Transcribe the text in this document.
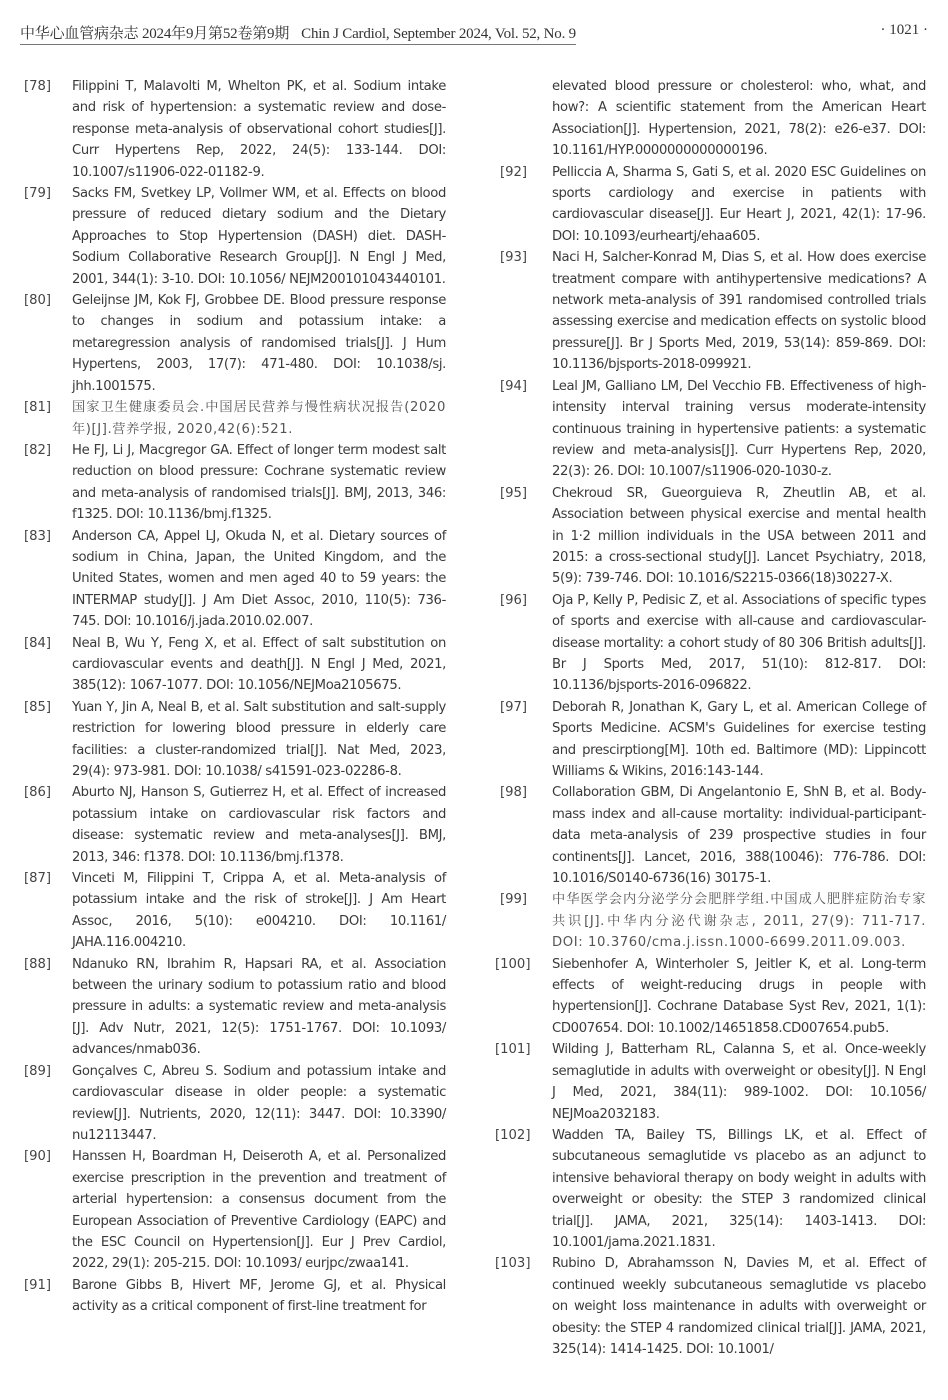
中华心血管病杂志 2024年9月第52卷第9期 Chin J Cardiol, September 2024, Vol. 52, No. 9	· 1021 ·
[78] Filippini T, Malavolti M, Whelton PK, et al. Sodium intake and risk of hypertension: a systematic review and dose-response meta-analysis of observational cohort studies[J]. Curr Hypertens Rep, 2022, 24(5): 133-144. DOI: 10.1007/s11906-022-01182-9.
[79] Sacks FM, Svetkey LP, Vollmer WM, et al. Effects on blood pressure of reduced dietary sodium and the Dietary Approaches to Stop Hypertension (DASH) diet. DASH-Sodium Collaborative Research Group[J]. N Engl J Med, 2001, 344(1): 3-10. DOI: 10.1056/ NEJM200101043440101.
[80] Geleijnse JM, Kok FJ, Grobbee DE. Blood pressure response to changes in sodium and potassium intake: a metaregression analysis of randomised trials[J]. J Hum Hypertens, 2003, 17(7): 471-480. DOI: 10.1038/sj. jhh.1001575.
[81] 国家卫生健康委员会.中国居民营养与慢性病状况报告(2020年)[J].营养学报, 2020,42(6):521.
[82] He FJ, Li J, Macgregor GA. Effect of longer term modest salt reduction on blood pressure: Cochrane systematic review and meta-analysis of randomised trials[J]. BMJ, 2013, 346: f1325. DOI: 10.1136/bmj.f1325.
[83] Anderson CA, Appel LJ, Okuda N, et al. Dietary sources of sodium in China, Japan, the United Kingdom, and the United States, women and men aged 40 to 59 years: the INTERMAP study[J]. J Am Diet Assoc, 2010, 110(5): 736-745. DOI: 10.1016/j.jada.2010.02.007.
[84] Neal B, Wu Y, Feng X, et al. Effect of salt substitution on cardiovascular events and death[J]. N Engl J Med, 2021, 385(12): 1067-1077. DOI: 10.1056/NEJMoa2105675.
[85] Yuan Y, Jin A, Neal B, et al. Salt substitution and salt-supply restriction for lowering blood pressure in elderly care facilities: a cluster-randomized trial[J]. Nat Med, 2023, 29(4): 973-981. DOI: 10.1038/ s41591-023-02286-8.
[86] Aburto NJ, Hanson S, Gutierrez H, et al. Effect of increased potassium intake on cardiovascular risk factors and disease: systematic review and meta-analyses[J]. BMJ, 2013, 346: f1378. DOI: 10.1136/bmj.f1378.
[87] Vinceti M, Filippini T, Crippa A, et al. Meta-analysis of potassium intake and the risk of stroke[J]. J Am Heart Assoc, 2016, 5(10): e004210. DOI: 10.1161/ JAHA.116.004210.
[88] Ndanuko RN, Ibrahim R, Hapsari RA, et al. Association between the urinary sodium to potassium ratio and blood pressure in adults: a systematic review and meta-analysis [J]. Adv Nutr, 2021, 12(5): 1751-1767. DOI: 10.1093/ advances/nmab036.
[89] Gonçalves C, Abreu S. Sodium and potassium intake and cardiovascular disease in older people: a systematic review[J]. Nutrients, 2020, 12(11): 3447. DOI: 10.3390/ nu12113447.
[90] Hanssen H, Boardman H, Deiseroth A, et al. Personalized exercise prescription in the prevention and treatment of arterial hypertension: a consensus document from the European Association of Preventive Cardiology (EAPC) and the ESC Council on Hypertension[J]. Eur J Prev Cardiol, 2022, 29(1): 205-215. DOI: 10.1093/ eurjpc/zwaa141.
[91] Barone Gibbs B, Hivert MF, Jerome GJ, et al. Physical activity as a critical component of first-line treatment for
elevated blood pressure or cholesterol: who, what, and how?: A scientific statement from the American Heart Association[J]. Hypertension, 2021, 78(2): e26-e37. DOI: 10.1161/HYP.0000000000000196.
[92] Pelliccia A, Sharma S, Gati S, et al. 2020 ESC Guidelines on sports cardiology and exercise in patients with cardiovascular disease[J]. Eur Heart J, 2021, 42(1): 17-96. DOI: 10.1093/eurheartj/ehaa605.
[93] Naci H, Salcher-Konrad M, Dias S, et al. How does exercise treatment compare with antihypertensive medications? A network meta-analysis of 391 randomised controlled trials assessing exercise and medication effects on systolic blood pressure[J]. Br J Sports Med, 2019, 53(14): 859-869. DOI: 10.1136/bjsports-2018-099921.
[94] Leal JM, Galliano LM, Del Vecchio FB. Effectiveness of high-intensity interval training versus moderate-intensity continuous training in hypertensive patients: a systematic review and meta-analysis[J]. Curr Hypertens Rep, 2020, 22(3): 26. DOI: 10.1007/s11906-020-1030-z.
[95] Chekroud SR, Gueorguieva R, Zheutlin AB, et al. Association between physical exercise and mental health in 1·2 million individuals in the USA between 2011 and 2015: a cross-sectional study[J]. Lancet Psychiatry, 2018, 5(9): 739-746. DOI: 10.1016/S2215-0366(18)30227-X.
[96] Oja P, Kelly P, Pedisic Z, et al. Associations of specific types of sports and exercise with all-cause and cardiovascular-disease mortality: a cohort study of 80 306 British adults[J]. Br J Sports Med, 2017, 51(10): 812-817. DOI: 10.1136/bjsports-2016-096822.
[97] Deborah R, Jonathan K, Gary L, et al. American College of Sports Medicine. ACSM's Guidelines for exercise testing and prescirptiong[M]. 10th ed. Baltimore (MD): Lippincott Williams & Wikins, 2016:143-144.
[98] Collaboration GBM, Di Angelantonio E, ShN B, et al. Body-mass index and all-cause mortality: individual-participant-data meta-analysis of 239 prospective studies in four continents[J]. Lancet, 2016, 388(10046): 776-786. DOI: 10.1016/S0140-6736(16) 30175-1.
[99] 中华医学会内分泌学分会肥胖学组.中国成人肥胖症防治专家共识[J].中华内分泌代谢杂志, 2011, 27(9): 711-717. DOI: 10.3760/cma.j.issn.1000-6699.2011.09.003.
[100] Siebenhofer A, Winterholer S, Jeitler K, et al. Long-term effects of weight-reducing drugs in people with hypertension[J]. Cochrane Database Syst Rev, 2021, 1(1): CD007654. DOI: 10.1002/14651858.CD007654.pub5.
[101] Wilding J, Batterham RL, Calanna S, et al. Once-weekly semaglutide in adults with overweight or obesity[J]. N Engl J Med, 2021, 384(11): 989-1002. DOI: 10.1056/ NEJMoa2032183.
[102] Wadden TA, Bailey TS, Billings LK, et al. Effect of subcutaneous semaglutide vs placebo as an adjunct to intensive behavioral therapy on body weight in adults with overweight or obesity: the STEP 3 randomized clinical trial[J]. JAMA, 2021, 325(14): 1403-1413. DOI: 10.1001/jama.2021.1831.
[103] Rubino D, Abrahamsson N, Davies M, et al. Effect of continued weekly subcutaneous semaglutide vs placebo on weight loss maintenance in adults with overweight or obesity: the STEP 4 randomized clinical trial[J]. JAMA, 2021, 325(14): 1414-1425. DOI: 10.1001/
